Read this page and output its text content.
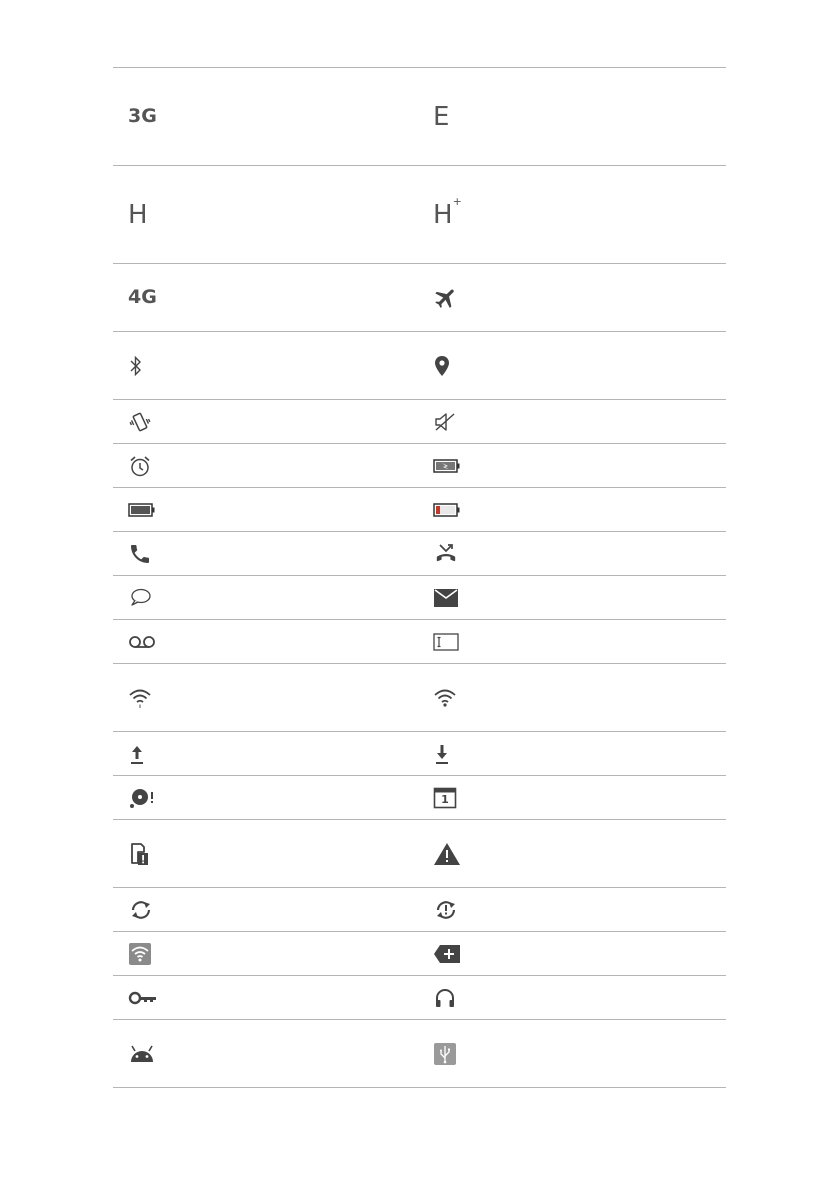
3G	E
H	H +
4G
1
